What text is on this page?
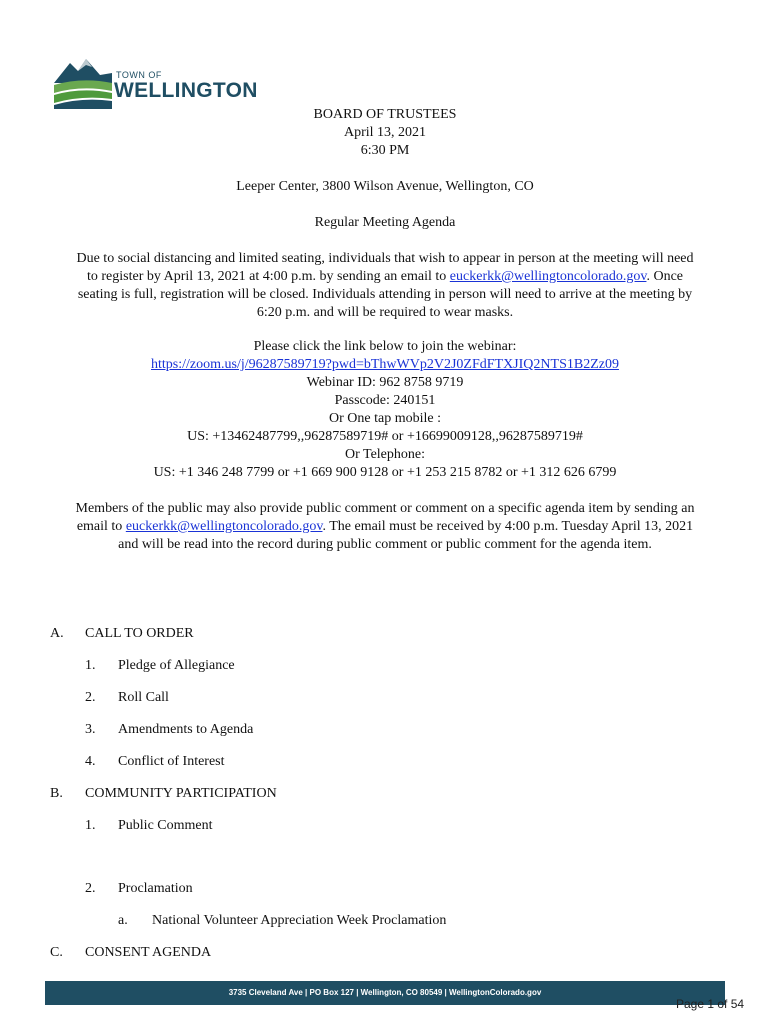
TOWN OF
WELLINGTON
BOARD OF TRUSTEES
April 13, 2021
6:30 PM
Leeper Center, 3800 Wilson Avenue, Wellington, CO
Regular Meeting Agenda
Due to social distancing and limited seating, individuals that wish to appear in person at the meeting will need
to register by April 13, 2021 at 4:00 p.m. by sending an email to euckerkk@wellingtoncolorado.gov. Once
seating is full, registration will be closed. Individuals attending in person will need to arrive at the meeting by
6:20 p.m. and will be required to wear masks.
Please click the link below to join the webinar:
https://zoom.us/j/96287589719?pwd=bThwWVp2V2J0ZFdFTXJIQ2NTS1B2Zz09
Webinar ID: 962 8758 9719
Passcode: 240151
Or One tap mobile :
US: +13462487799,,96287589719# or +16699009128,,96287589719#
Or Telephone:
US: +1 346 248 7799 or +1 669 900 9128 or +1 253 215 8782 or +1 312 626 6799
Members of the public may also provide public comment or comment on a specific agenda item by sending an
email to euckerkk@wellingtoncolorado.gov. The email must be received by 4:00 p.m. Tuesday April 13, 2021
and will be read into the record during public comment or public comment for the agenda item.
A. CALL TO ORDER
1. Pledge of Allegiance
2. Roll Call
3. Amendments to Agenda
4. Conflict of Interest
B. COMMUNITY PARTICIPATION
1. Public Comment
2. Proclamation
a. National Volunteer Appreciation Week Proclamation
C. CONSENT AGENDA
3735 Cleveland Ave | PO Box 127 | Wellington, CO 80549 | WellingtonColorado.gov
Page 1 of 54
